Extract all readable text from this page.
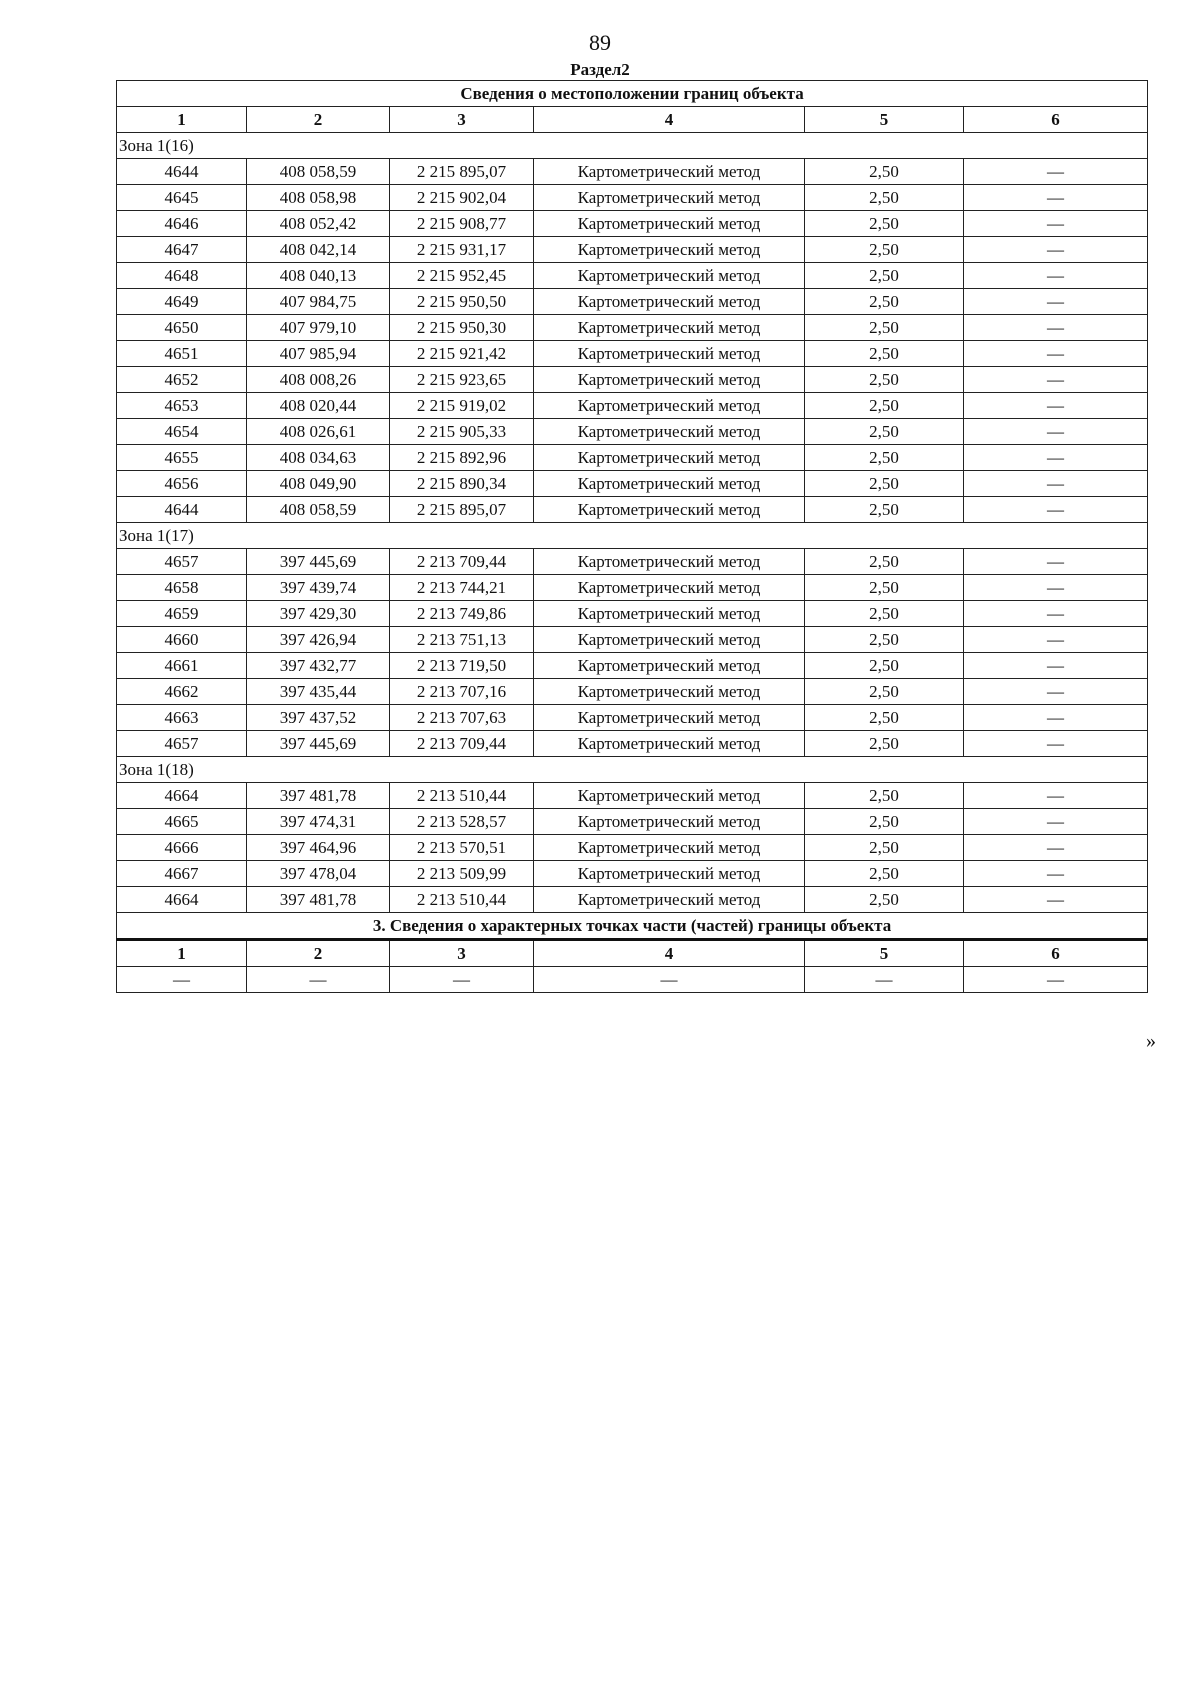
89
Раздел2
Сведения о местоположении границ объекта					
1	2	3	4	5	6
Зона 1(16)					
4644	408 058,59	2 215 895,07	Картометрический метод	2,50	—
4645	408 058,98	2 215 902,04	Картометрический метод	2,50	—
4646	408 052,42	2 215 908,77	Картометрический метод	2,50	—
4647	408 042,14	2 215 931,17	Картометрический метод	2,50	—
4648	408 040,13	2 215 952,45	Картометрический метод	2,50	—
4649	407 984,75	2 215 950,50	Картометрический метод	2,50	—
4650	407 979,10	2 215 950,30	Картометрический метод	2,50	—
4651	407 985,94	2 215 921,42	Картометрический метод	2,50	—
4652	408 008,26	2 215 923,65	Картометрический метод	2,50	—
4653	408 020,44	2 215 919,02	Картометрический метод	2,50	—
4654	408 026,61	2 215 905,33	Картометрический метод	2,50	—
4655	408 034,63	2 215 892,96	Картометрический метод	2,50	—
4656	408 049,90	2 215 890,34	Картометрический метод	2,50	—
4644	408 058,59	2 215 895,07	Картометрический метод	2,50	—
Зона 1(17)					
4657	397 445,69	2 213 709,44	Картометрический метод	2,50	—
4658	397 439,74	2 213 744,21	Картометрический метод	2,50	—
4659	397 429,30	2 213 749,86	Картометрический метод	2,50	—
4660	397 426,94	2 213 751,13	Картометрический метод	2,50	—
4661	397 432,77	2 213 719,50	Картометрический метод	2,50	—
4662	397 435,44	2 213 707,16	Картометрический метод	2,50	—
4663	397 437,52	2 213 707,63	Картометрический метод	2,50	—
4657	397 445,69	2 213 709,44	Картометрический метод	2,50	—
Зона 1(18)					
4664	397 481,78	2 213 510,44	Картометрический метод	2,50	—
4665	397 474,31	2 213 528,57	Картометрический метод	2,50	—
4666	397 464,96	2 213 570,51	Картометрический метод	2,50	—
4667	397 478,04	2 213 509,99	Картометрический метод	2,50	—
4664	397 481,78	2 213 510,44	Картометрический метод	2,50	—
3. Сведения о характерных точках части (частей) границы объекта					
1	2	3	4	5	6
—	—	—	—	—	—
»
